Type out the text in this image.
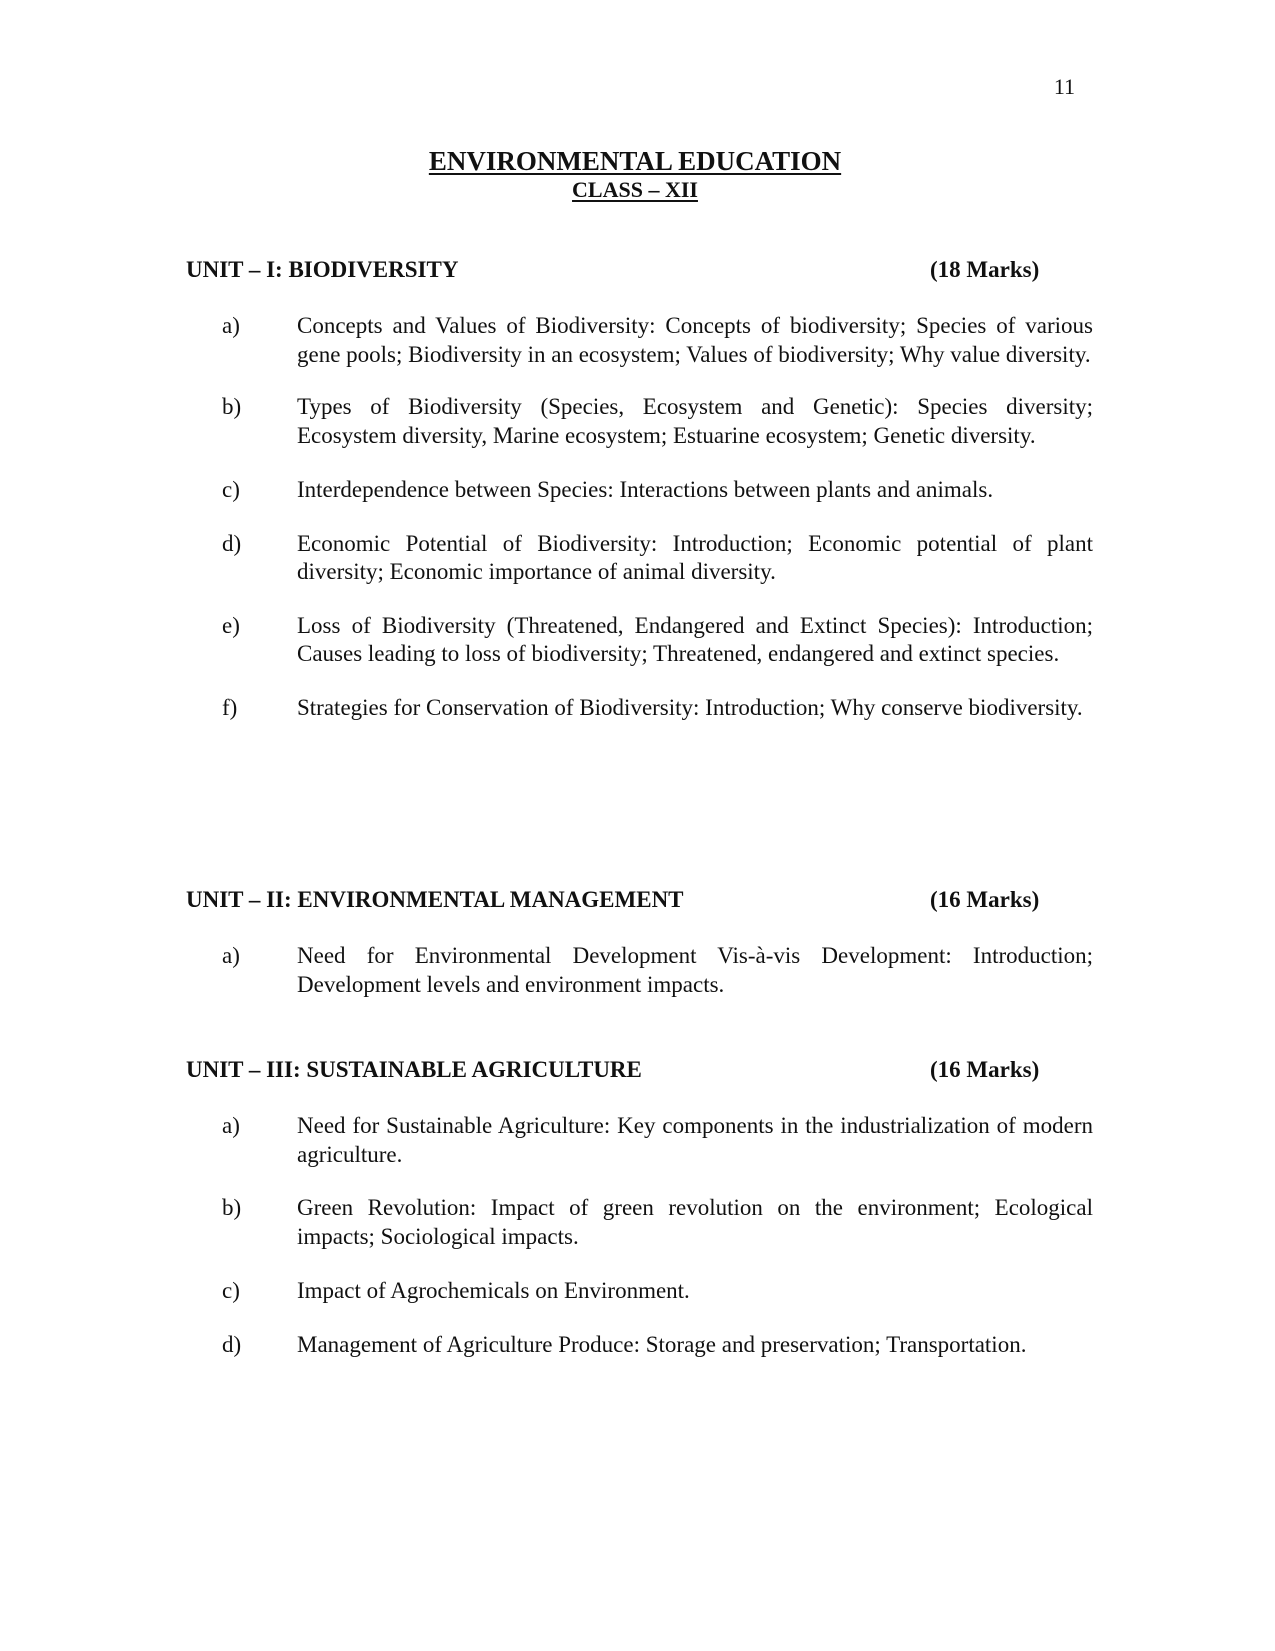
11
ENVIRONMENTAL EDUCATION
CLASS – XII
UNIT – I: BIODIVERSITY	(18 Marks)
a) Concepts and Values of Biodiversity: Concepts of biodiversity; Species of various gene pools; Biodiversity in an ecosystem; Values of biodiversity; Why value diversity.
b) Types of Biodiversity (Species, Ecosystem and Genetic): Species diversity; Ecosystem diversity, Marine ecosystem; Estuarine ecosystem; Genetic diversity.
c) Interdependence between Species: Interactions between plants and animals.
d) Economic Potential of Biodiversity: Introduction; Economic potential of plant diversity; Economic importance of animal diversity.
e) Loss of Biodiversity (Threatened, Endangered and Extinct Species): Introduction; Causes leading to loss of biodiversity; Threatened, endangered and extinct species.
f)	Strategies for Conservation of Biodiversity: Introduction; Why conserve biodiversity.
UNIT – II: ENVIRONMENTAL MANAGEMENT	(16 Marks)
a) Need for Environmental Development Vis-à-vis Development: Introduction; Development levels and environment impacts.
UNIT – III: SUSTAINABLE AGRICULTURE	(16 Marks)
a) Need for Sustainable Agriculture: Key components in the industrialization of modern agriculture.
b) Green Revolution: Impact of green revolution on the environment; Ecological impacts; Sociological impacts.
c) Impact of Agrochemicals on Environment.
d) Management of Agriculture Produce: Storage and preservation; Transportation.
